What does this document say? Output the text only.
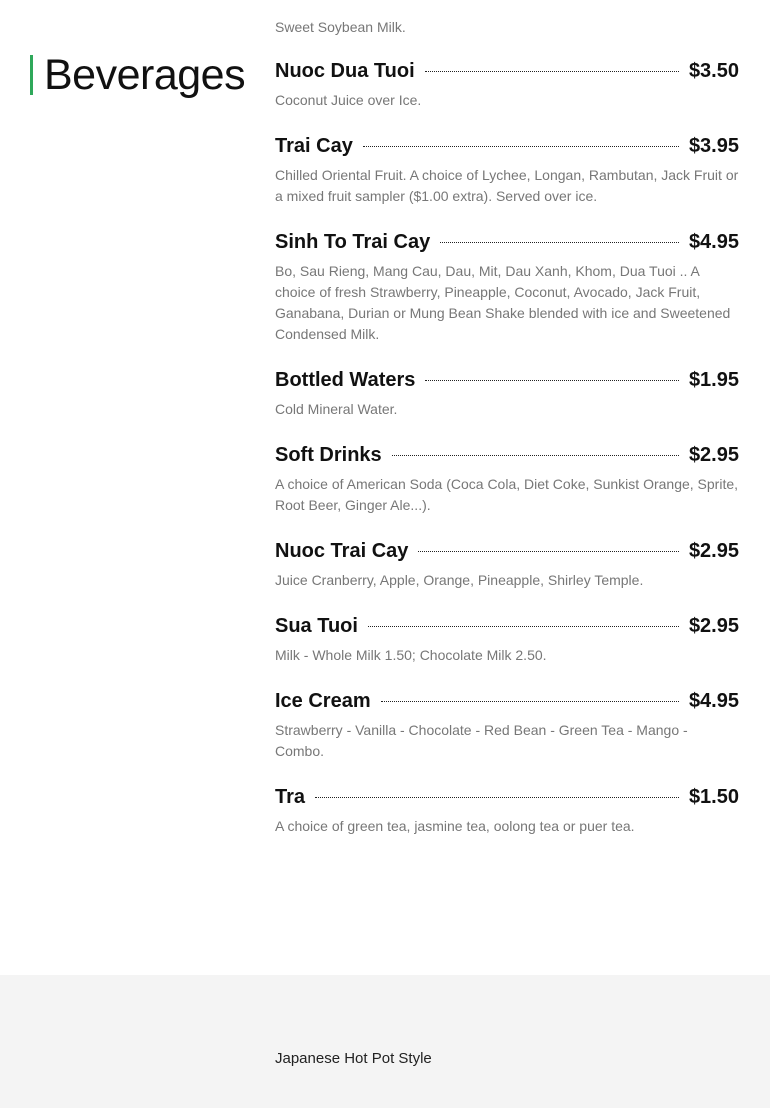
Sweet Soybean Milk.
Beverages Nuoc Dua Tuoi	$3.50
Coconut Juice over Ice.
Trai Cay	$3.95
Chilled Oriental Fruit. A choice of Lychee, Longan, Rambutan, Jack Fruit or a mixed fruit sampler ($1.00 extra). Served over ice.
Sinh To Trai Cay	$4.95
Bo, Sau Rieng, Mang Cau, Dau, Mit, Dau Xanh, Khom, Dua Tuoi .. A choice of fresh Strawberry, Pineapple, Coconut, Avocado, Jack Fruit, Ganabana, Durian or Mung Bean Shake blended with ice and Sweetened Condensed Milk.
Bottled Waters	$1.95
Cold Mineral Water.
Soft Drinks	$2.95
A choice of American Soda (Coca Cola, Diet Coke, Sunkist Orange, Sprite, Root Beer, Ginger Ale...).
Nuoc Trai Cay	$2.95
Juice Cranberry, Apple, Orange, Pineapple, Shirley Temple.
Sua Tuoi	$2.95
Milk - Whole Milk 1.50; Chocolate Milk 2.50.
Ice Cream	$4.95
Strawberry - Vanilla - Chocolate - Red Bean - Green Tea - Mango - Combo.
Tra	$1.50
A choice of green tea, jasmine tea, oolong tea or puer tea.
Japanese Hot Pot Style
